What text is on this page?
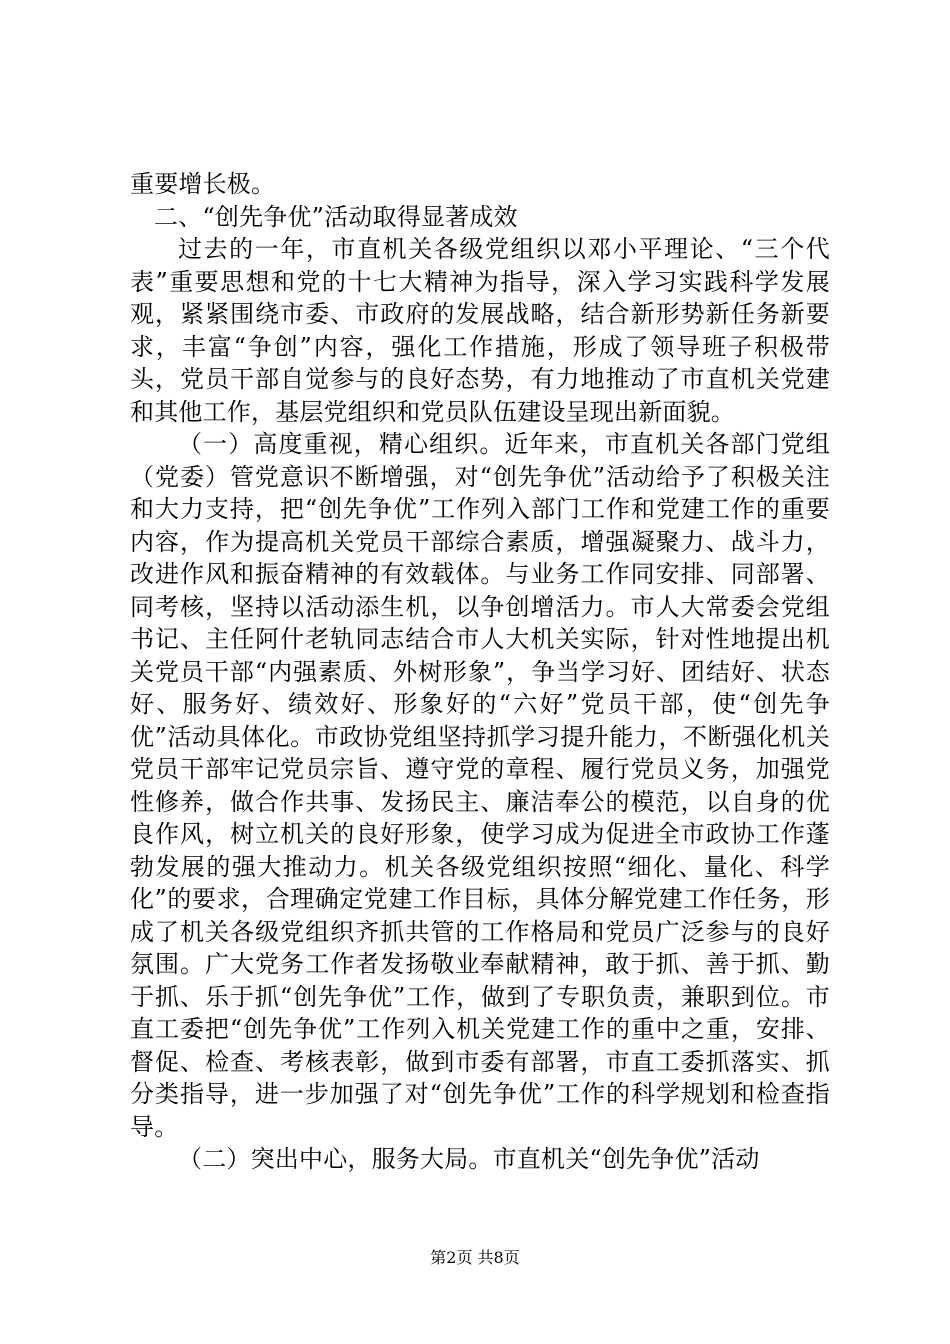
重要增长极。

二、“创先争优”活动取得显著成效

过去的一年，市直机关各级党组织以邓小平理论、“三个代表”重要思想和党的十七大精神为指导，深入学习实践科学发展观，紧紧围绕市委、市政府的发展战略，结合新形势新任务新要求，丰富“争创”内容，强化工作措施，形成了领导班子积极带头，党员干部自觉参与的良好态势，有力地推动了市直机关党建和其他工作，基层党组织和党员队伍建设呈现出新面貌。

（一）高度重视，精心组织。近年来，市直机关各部门党组（党委）管党意识不断增强，对“创先争优”活动给予了积极关注和大力支持，把“创先争优”工作列入部门工作和党建工作的重要内容，作为提高机关党员干部综合素质，增强凝聚力、战斗力，改进作风和振奋精神的有效载体。与业务工作同安排、同部署、同考核，坚持以活动添生机，以争创增活力。市人大常委会党组书记、主任阿什老轨同志结合市人大机关实际，针对性地提出机关党员干部“内强素质、外树形象”，争当学习好、团结好、状态好、服务好、绩效好、形象好的“六好”党员干部，使“创先争优”活动具体化。市政协党组坚持抓学习提升能力，不断强化机关党员干部牢记党员宗旨、遵守党的章程、履行党员义务，加强党性修养，做合作共事、发扬民主、廉洁奉公的模范，以自身的优良作风，树立机关的良好形象，使学习成为促进全市政协工作蓬勃发展的强大推动力。机关各级党组织按照“细化、量化、科学化”的要求，合理确定党建工作目标，具体分解党建工作任务，形成了机关各级党组织齐抓共管的工作格局和党员广泛参与的良好氛围。广大党务工作者发扬敬业奉献精神，敢于抓、善于抓、勤于抓、乐于抓“创先争优”工作，做到了专职负责，兼职到位。市直工委把“创先争优”工作列入机关党建工作的重中之重，安排、督促、检查、考核表彰，做到市委有部署，市直工委抓落实、抓分类指导，进一步加强了对“创先争优”工作的科学规划和检查指导。

（二）突出中心，服务大局。市直机关“创先争优”活动

第2页 共8页
